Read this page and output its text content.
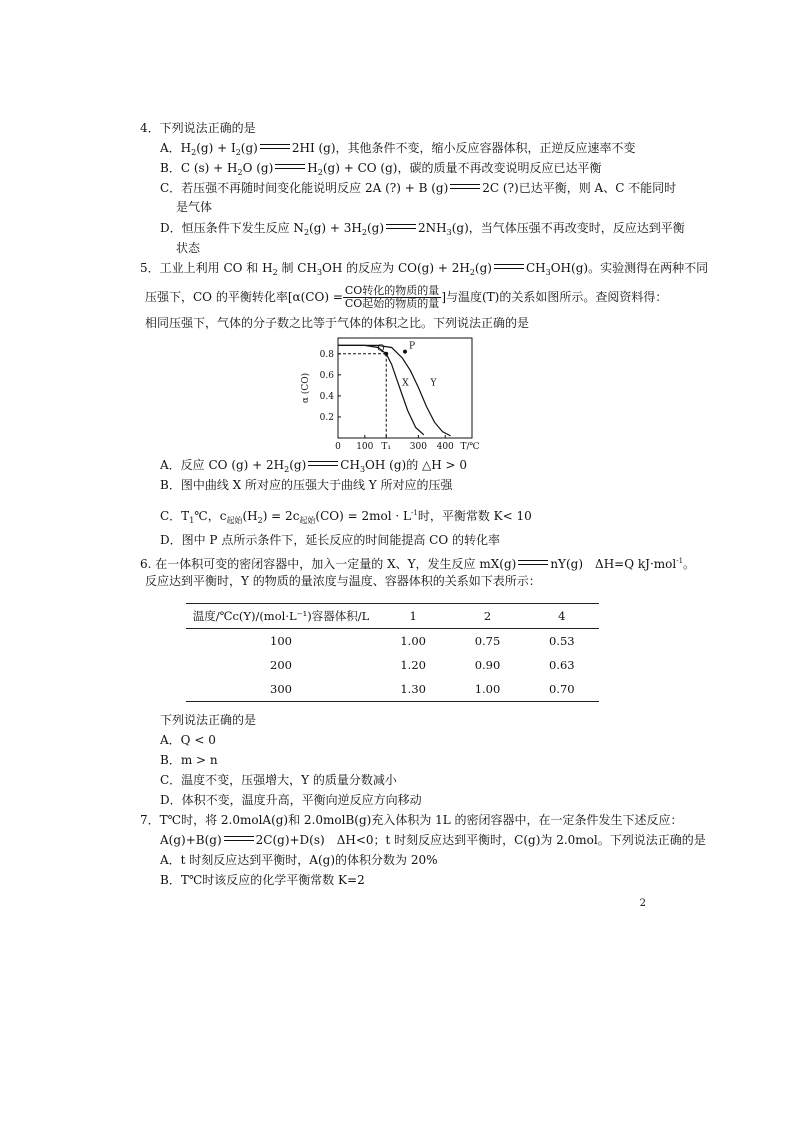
4．下列说法正确的是
A．$H_2(g) + I_2(g)$	2HI (g)，其他条件不变，缩小反应容器体积，正逆反应速率不变
B．C $(s) + H_2O$ (g)	$H_2(g)$ + CO (g)，碳的质量不再改变说明反应已达平衡
C．若压强不再随时间变化能说明反应 2A (?) + B (g)	2C (?)已达平衡，则 A、C 不能同时
是气体
D．恒压条件下发生反应 $N_2(g) + 3H_2(g)$	$2NH_3(g)$，当气体压强不再改变时，反应达到平衡
状态
5．工业上利用 CO 和 $H_2$ 制 $CH_3OH$ 的反应为 $CO(g) + 2H_2(g)$	$CH_3OH(g)$。实验测得在两种不同
压强下，CO 的平衡转化率[$\alpha(CO) = \frac{\text{CO转化的物质的量}}{\text{CO起始的物质的量}}$ ]与温度(T)的关系如图所示。查阅资料得：
相同压强下，气体的分子数之比等于气体的体积之比。下列说法正确的是
α (CO)
0.8
0.6
0.4
0.2
0 100 T₁ 300 400 T/℃
X Y
Q	P
A．反应 CO $(g) + 2H_2(g)$	$CH_3OH$ (g)的 △H > 0
B．图中曲线 X 所对应的压强大于曲线 Y 所对应的压强
C．$T_1℃$，$c_{起始}(H_2) = 2c_{起始}(CO) = 2mol \cdot L^{-1}$时，平衡常数 K< 10
D．图中 P 点所示条件下，延长反应的时间能提高 CO 的转化率
6. 在一体积可变的密闭容器中，加入一定量的 X、Y，发生反应 mX(g)	nY(g)　ΔH=Q kJ·mol$^{-1}$。
反应达到平衡时，Y 的物质的量浓度与温度、容器体积的关系如下表所示：
温度/℃c(Y)/(mol·L⁻¹)容器体积/L	1	2	4
100	1.00	0.75	0.53
200	1.20	0.90	0.63
300	1.30	1.00	0.70
下列说法正确的是
A．Q < 0
B．m > n
C．温度不变，压强增大，Y 的质量分数减小
D．体积不变，温度升高，平衡向逆反应方向移动
7．T℃时，将 2.0molA(g)和 2.0molB(g)充入体积为 1L 的密闭容器中，在一定条件发生下述反应：
A(g)+B(g)	2C(g)+D(s)　ΔH<0；t 时刻反应达到平衡时，C(g)为 2.0mol。下列说法正确的是
A．t 时刻反应达到平衡时，A(g)的体积分数为 20%
B．T℃时该反应的化学平衡常数 K=2
2
